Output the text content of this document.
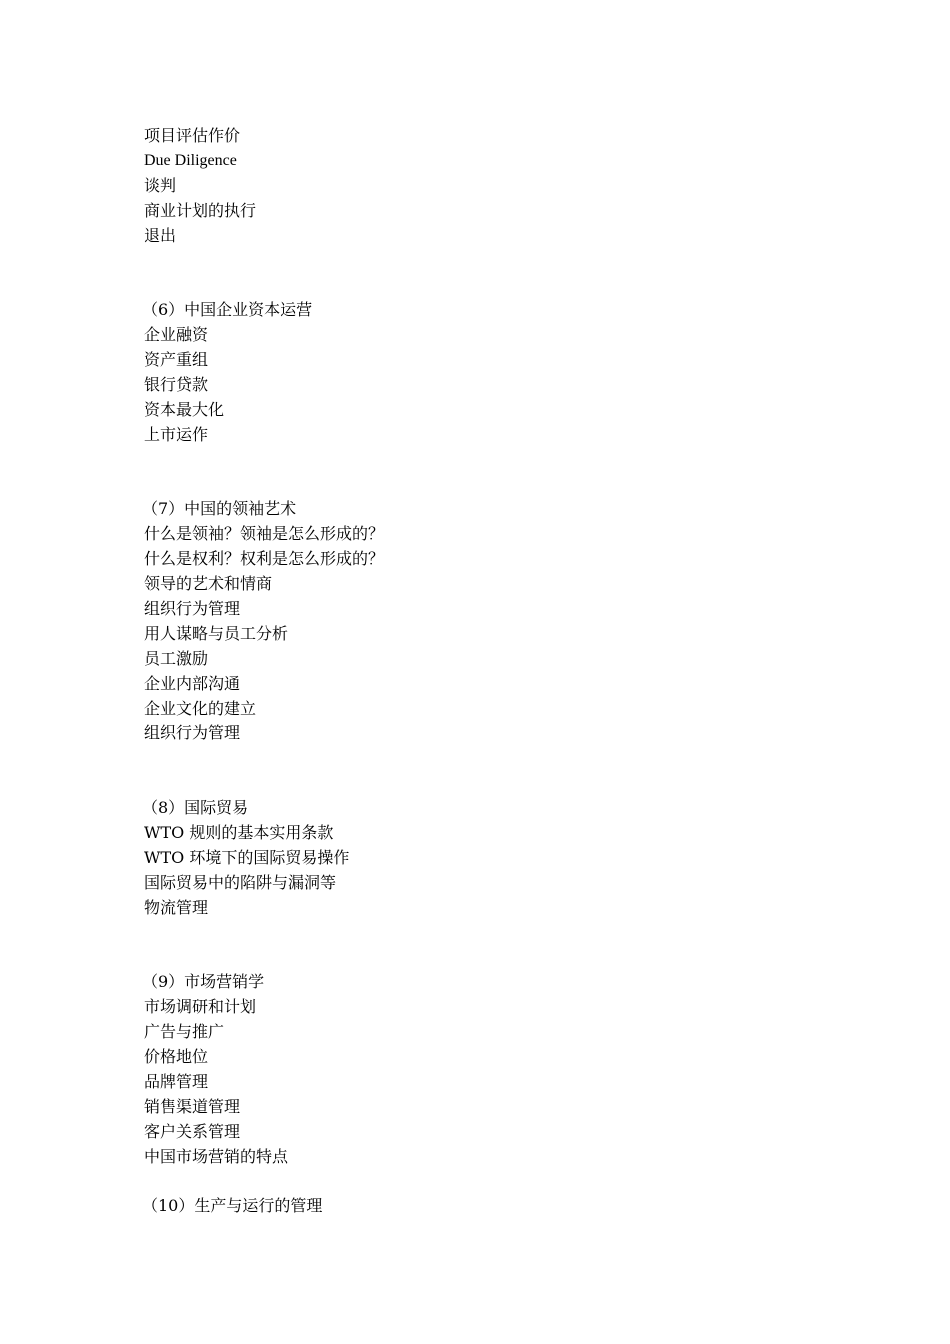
项目评估作价
Due Diligence
谈判
商业计划的执行
退出
（6）中国企业资本运营
企业融资
资产重组
银行贷款
资本最大化
上市运作
（7）中国的领袖艺术
什么是领袖？领袖是怎么形成的？
什么是权利？权利是怎么形成的？
领导的艺术和情商
组织行为管理
用人谋略与员工分析
员工激励
企业内部沟通
企业文化的建立
组织行为管理
（8）国际贸易
WTO 规则的基本实用条款
WTO 环境下的国际贸易操作
国际贸易中的陷阱与漏洞等
物流管理
（9）市场营销学
市场调研和计划
广告与推广
价格地位
品牌管理
销售渠道管理
客户关系管理
中国市场营销的特点
（10）生产与运行的管理
